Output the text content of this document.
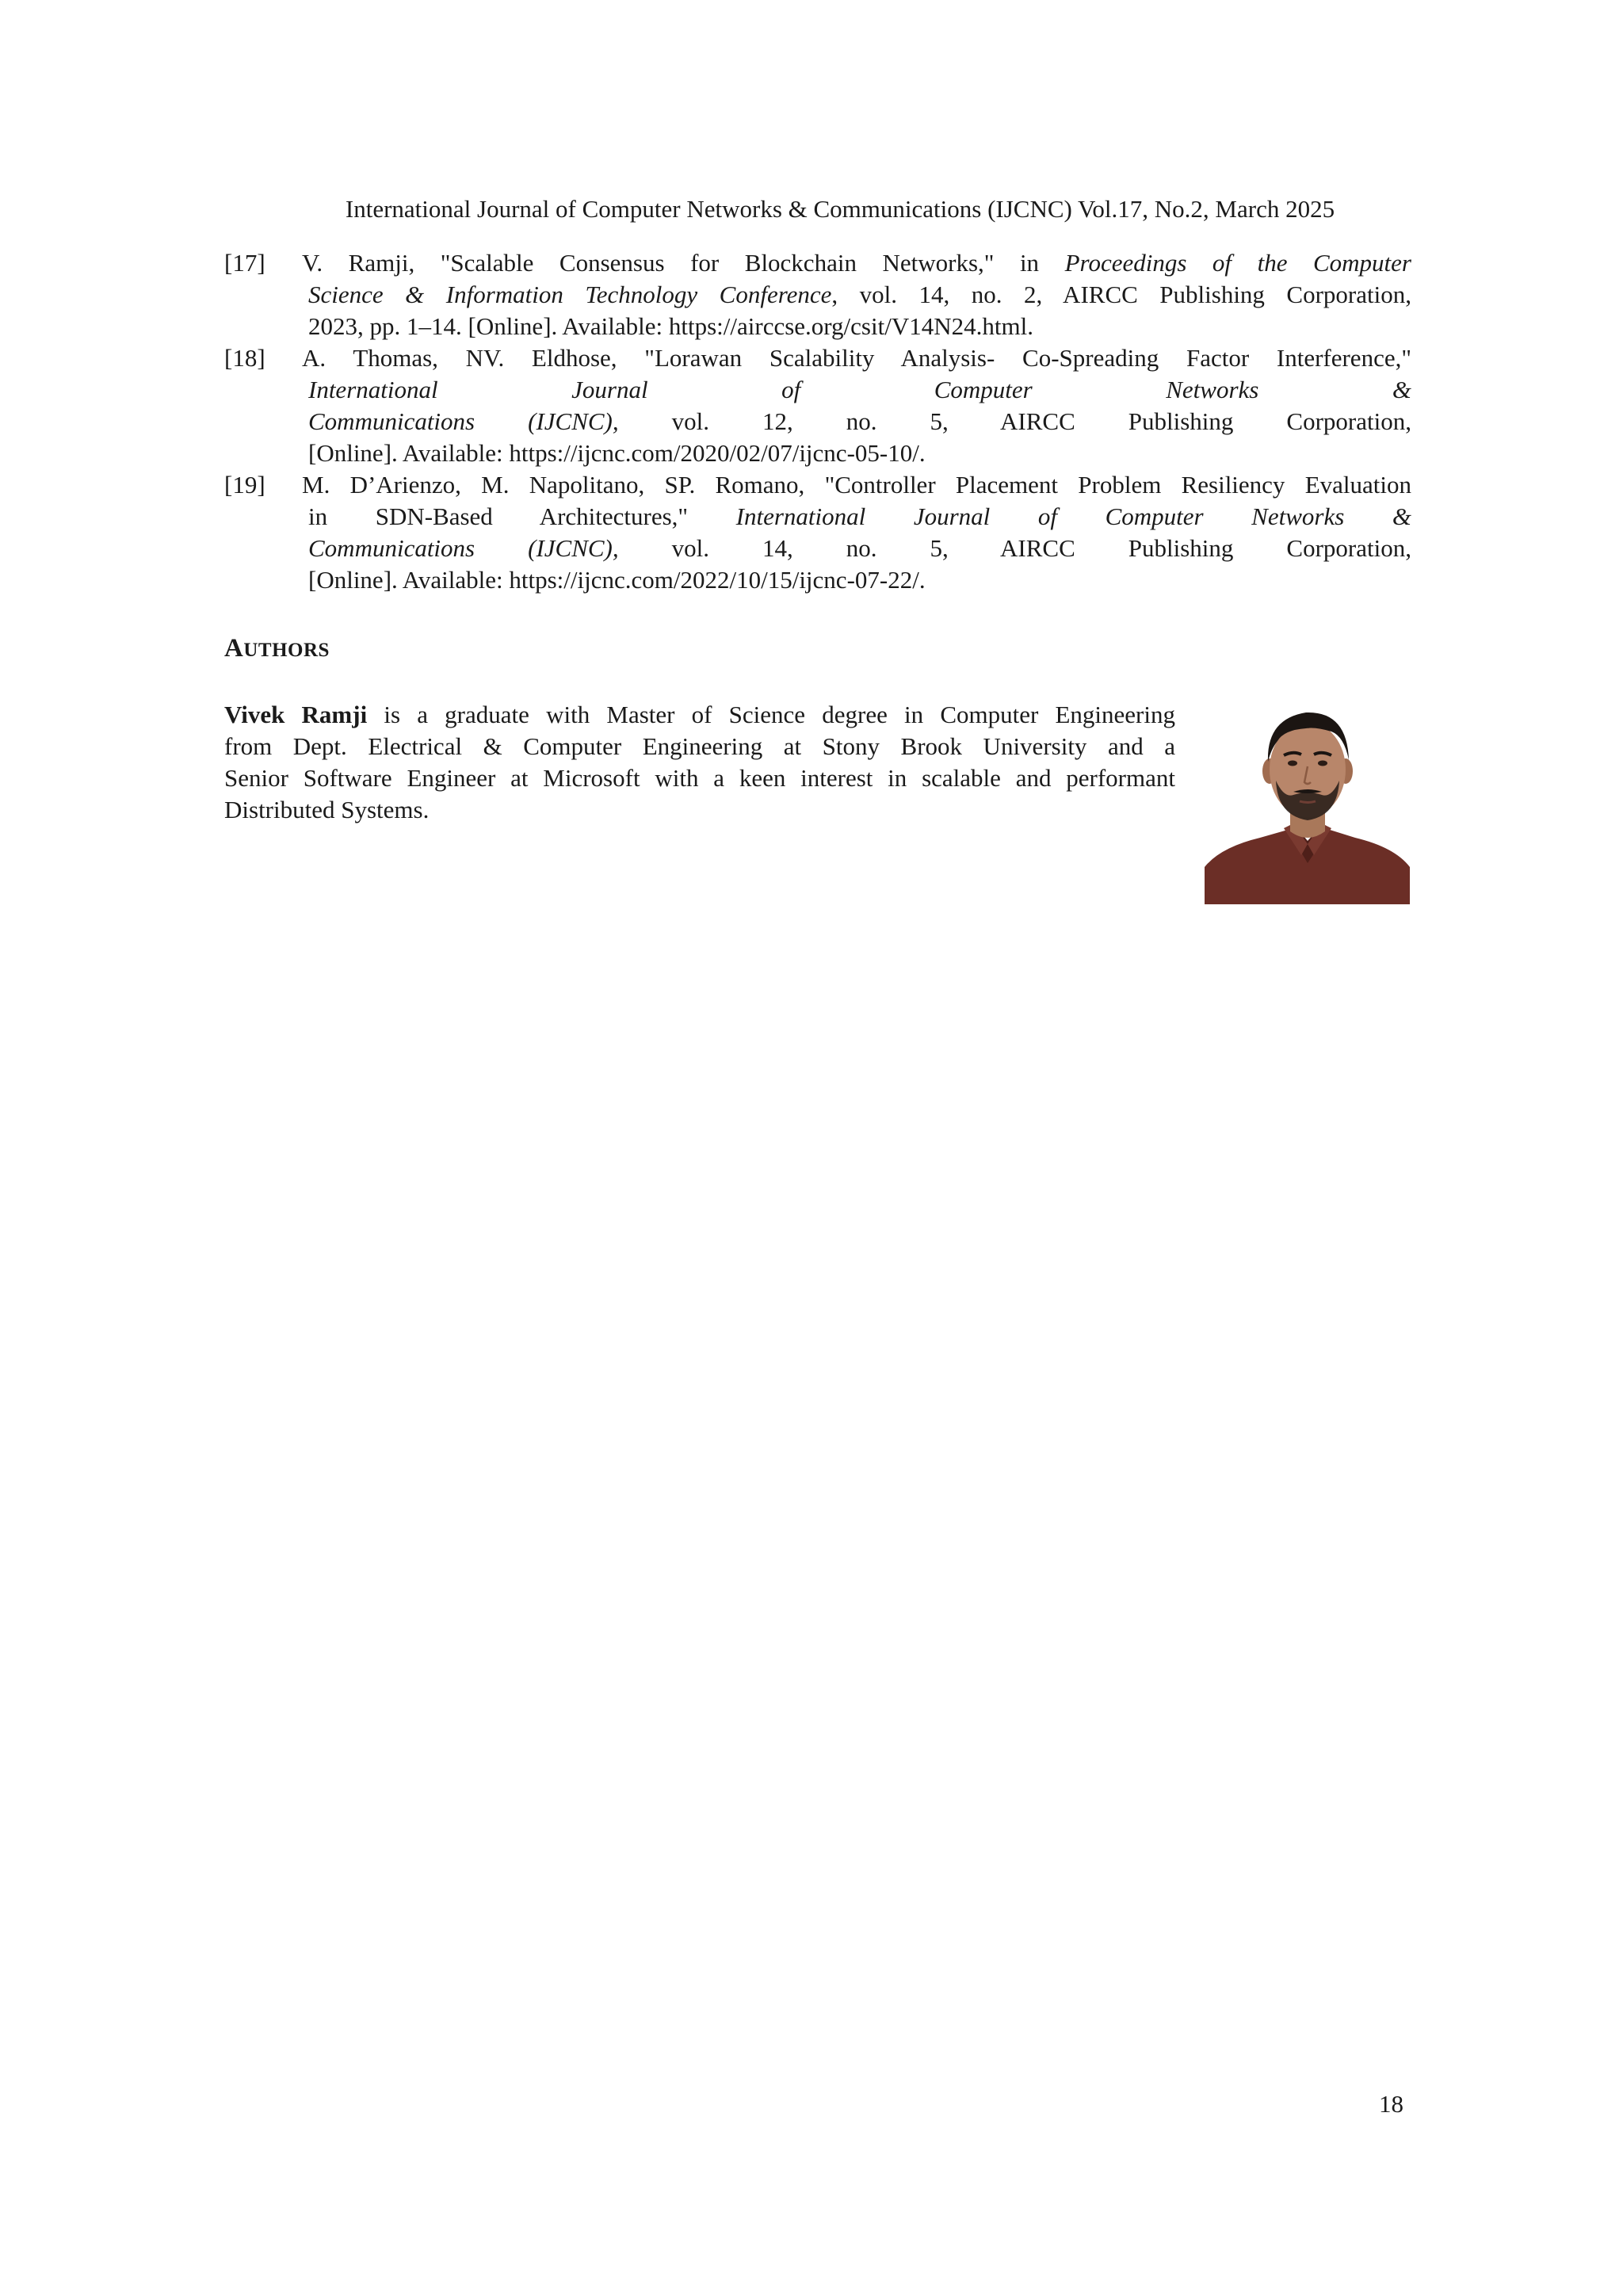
International Journal of Computer Networks & Communications (IJCNC) Vol.17, No.2, March 2025
[17] V. Ramji, "Scalable Consensus for Blockchain Networks," in Proceedings of the Computer
Science & Information Technology Conference, vol. 14, no. 2, AIRCC Publishing Corporation,
2023, pp. 1–14. [Online]. Available: https://airccse.org/csit/V14N24.html.
[18] A. Thomas, NV. Eldhose, "Lorawan Scalability Analysis- Co-Spreading Factor Interference,"
International Journal of Computer Networks &
Communications (IJCNC), vol. 12, no. 5, AIRCC Publishing Corporation,
[Online]. Available: https://ijcnc.com/2020/02/07/ijcnc-05-10/.
[19] M. D’Arienzo, M. Napolitano, SP. Romano, "Controller Placement Problem Resiliency Evaluation
in SDN-Based Architectures," International Journal of Computer Networks &
Communications (IJCNC), vol. 14, no. 5, AIRCC Publishing Corporation,
[Online]. Available: https://ijcnc.com/2022/10/15/ijcnc-07-22/.
AUTHORS
Vivek Ramji is a graduate with Master of Science degree in Computer Engineering
from Dept. Electrical & Computer Engineering at Stony Brook University and a
Senior Software Engineer at Microsoft with a keen interest in scalable and performant
Distributed Systems.
18
